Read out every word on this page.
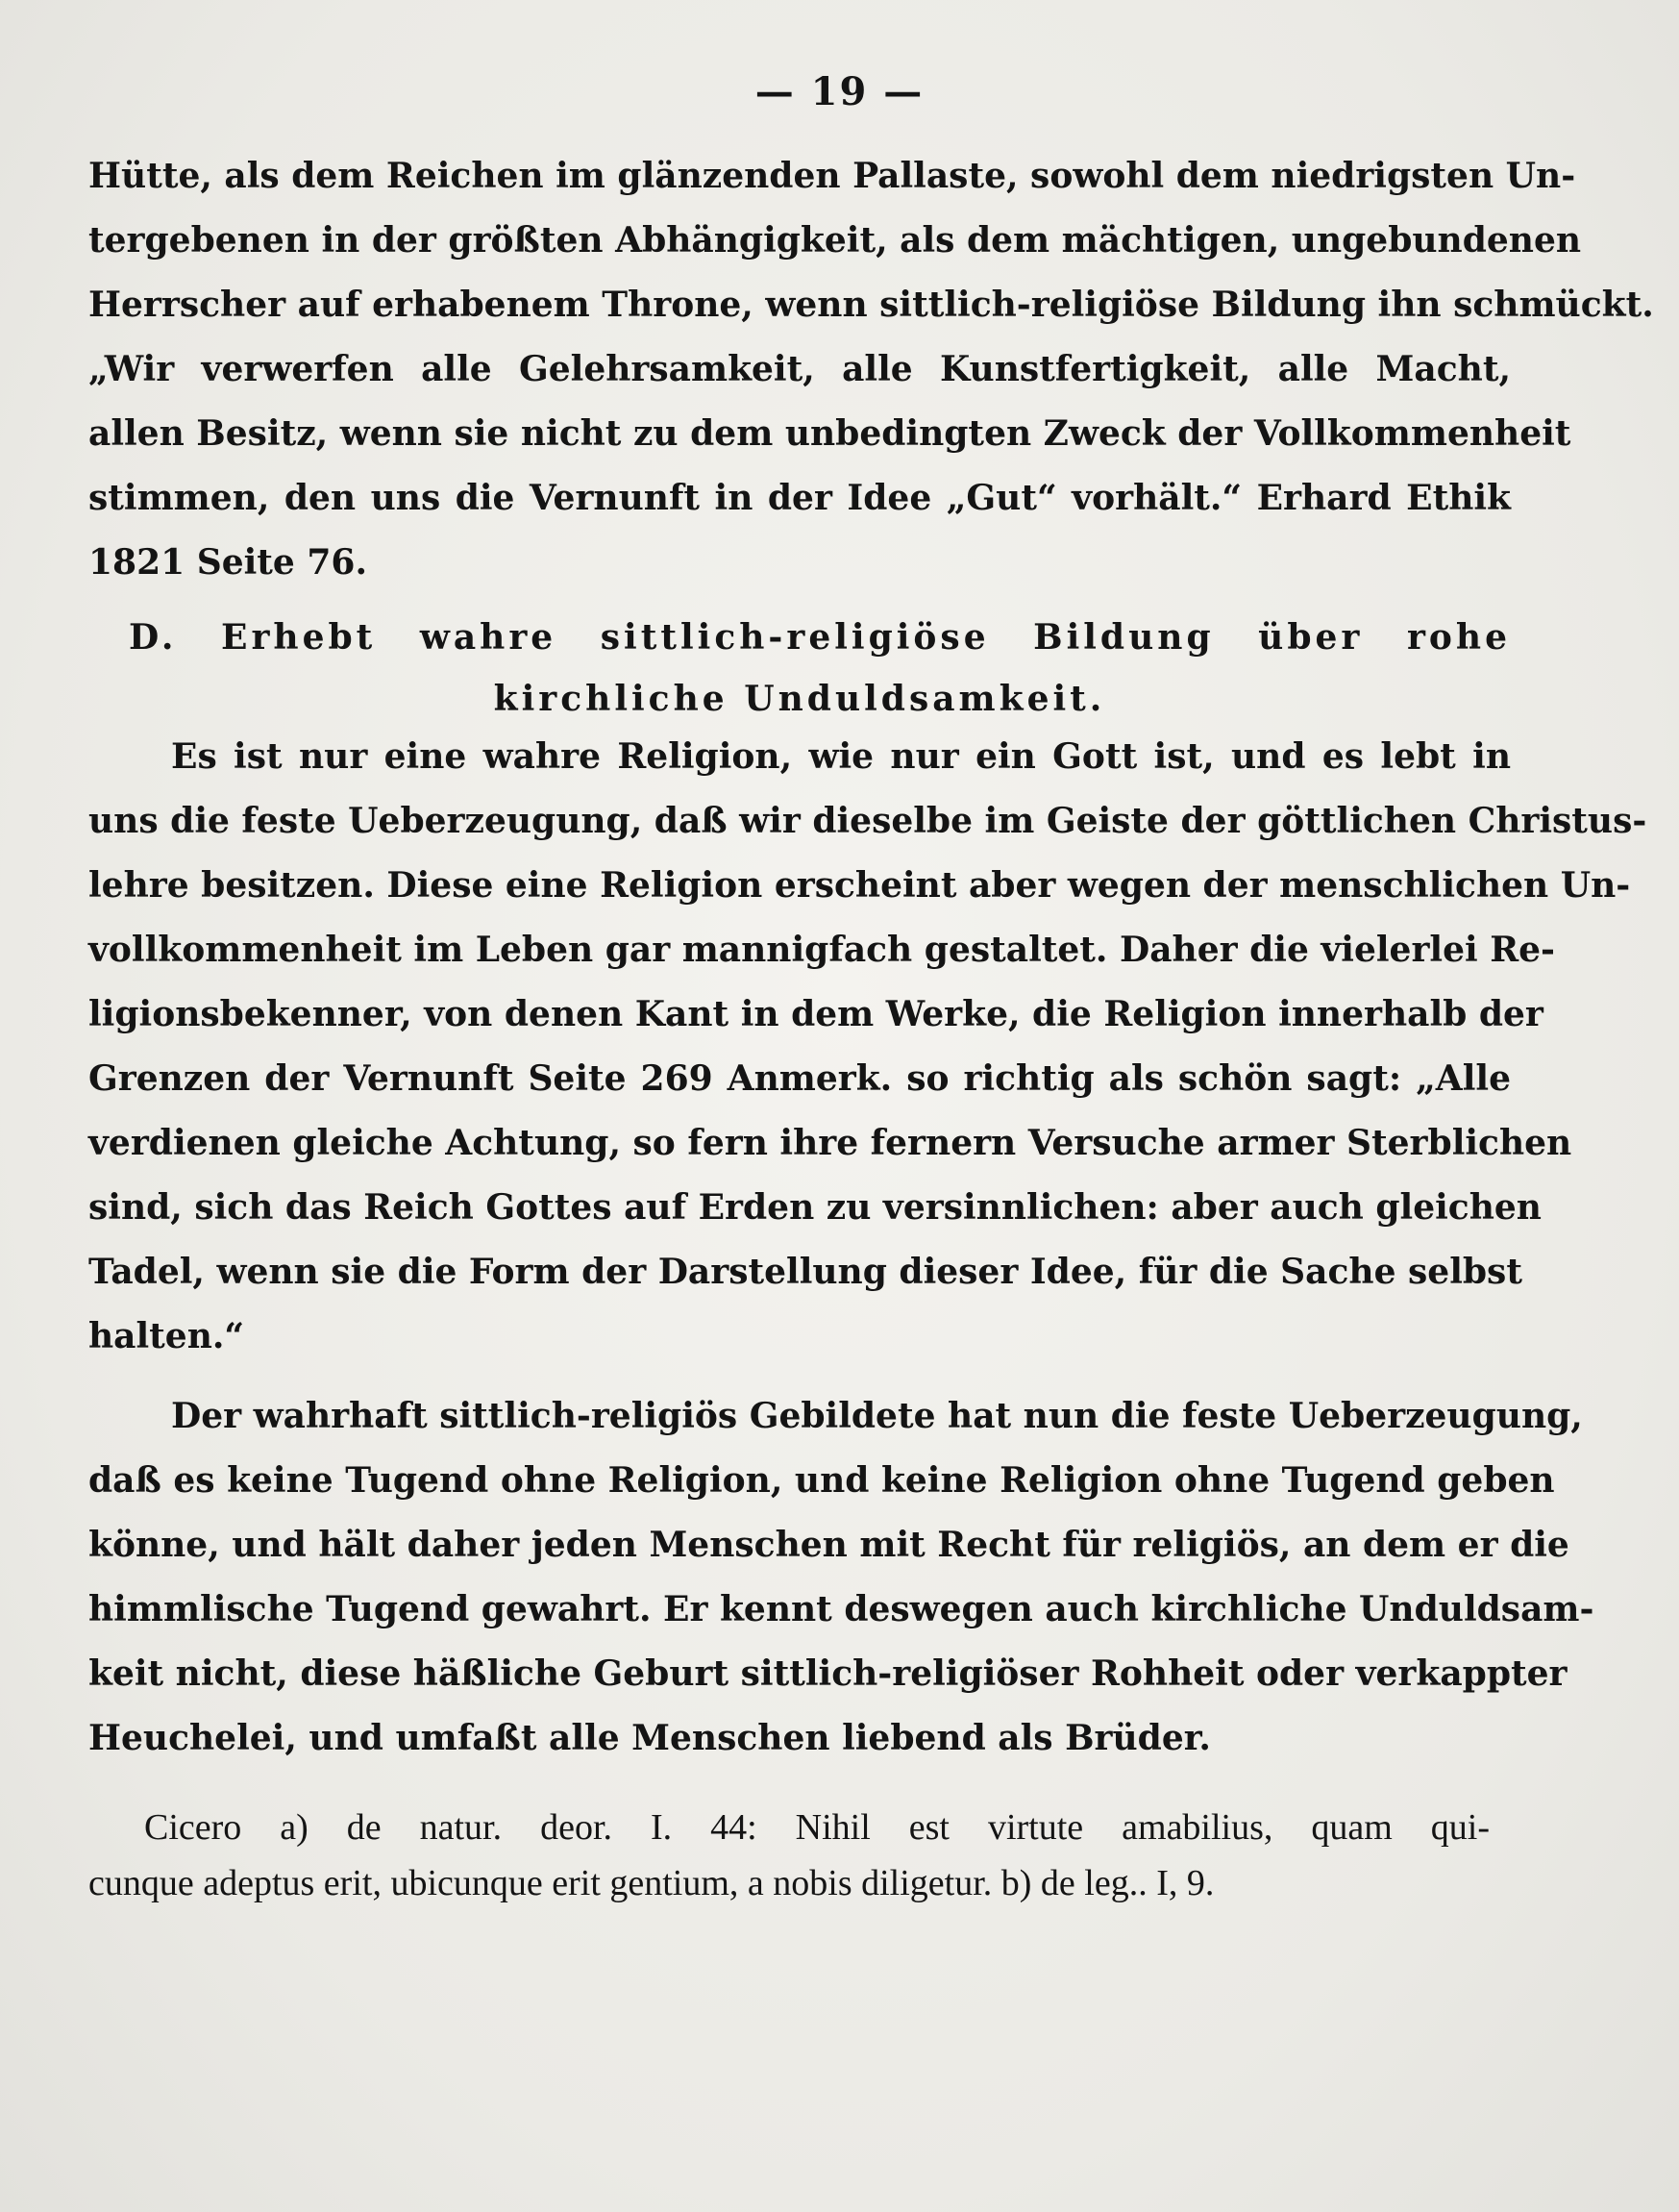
— 19 —
Hütte, als dem Reichen im glänzenden Pallaste, sowohl dem niedrigsten Un-
tergebenen in der größten Abhängigkeit, als dem mächtigen, ungebundenen
Herrscher auf erhabenem Throne, wenn sittlich-religiöse Bildung ihn schmückt.
„Wir verwerfen alle Gelehrsamkeit, alle Kunstfertigkeit, alle Macht,
allen Besitz, wenn sie nicht zu dem unbedingten Zweck der Vollkommenheit
stimmen, den uns die Vernunft in der Idee „Gut“ vorhält.“ Erhard Ethik
1821 Seite 76.
D. Erhebt wahre sittlich-religiöse Bildung über rohe
kirchliche Unduldsamkeit.
Es ist nur eine wahre Religion, wie nur ein Gott ist, und es lebt in
uns die feste Ueberzeugung, daß wir dieselbe im Geiste der göttlichen Christus-
lehre besitzen. Diese eine Religion erscheint aber wegen der menschlichen Un-
vollkommenheit im Leben gar mannigfach gestaltet. Daher die vielerlei Re-
ligionsbekenner, von denen Kant in dem Werke, die Religion innerhalb der
Grenzen der Vernunft Seite 269 Anmerk. so richtig als schön sagt: „Alle
verdienen gleiche Achtung, so fern ihre fernern Versuche armer Sterblichen
sind, sich das Reich Gottes auf Erden zu versinnlichen: aber auch gleichen
Tadel, wenn sie die Form der Darstellung dieser Idee, für die Sache selbst
halten.“
Der wahrhaft sittlich-religiös Gebildete hat nun die feste Ueberzeugung,
daß es keine Tugend ohne Religion, und keine Religion ohne Tugend geben
könne, und hält daher jeden Menschen mit Recht für religiös, an dem er die
himmlische Tugend gewahrt. Er kennt deswegen auch kirchliche Unduldsam-
keit nicht, diese häßliche Geburt sittlich-religiöser Rohheit oder verkappter
Heuchelei, und umfaßt alle Menschen liebend als Brüder.
Cicero a) de natur. deor. I. 44: Nihil est virtute amabilius, quam qui-
cunque adeptus erit, ubicunque erit gentium, a nobis diligetur. b) de leg.. I, 9.
